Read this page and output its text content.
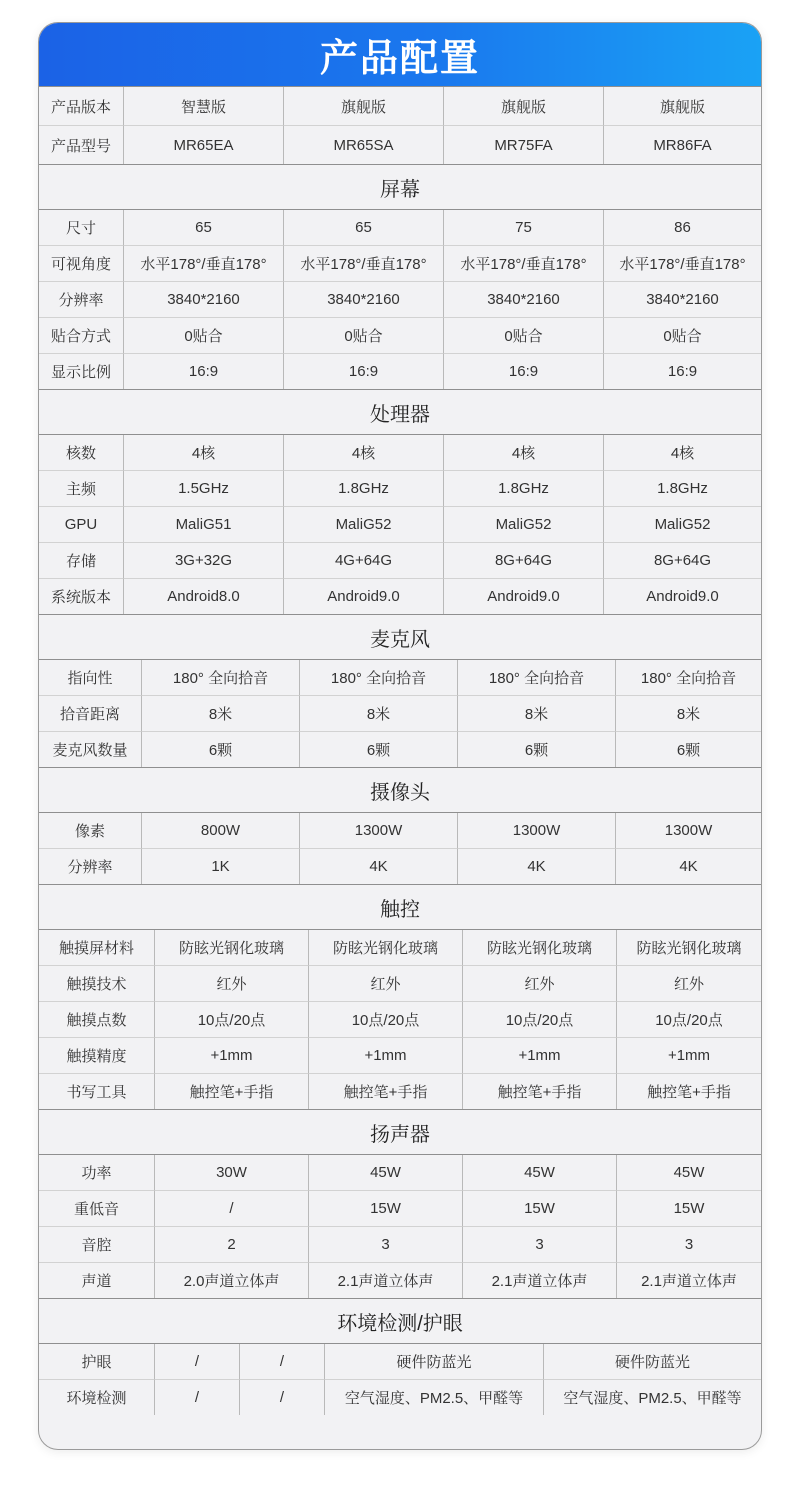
产品配置
产品版本	智慧版	旗舰版	旗舰版	旗舰版
产品型号	MR65EA	MR65SA	MR75FA	MR86FA
屏幕
尺寸	65	65	75	86
可视角度	水平178°/垂直178°	水平178°/垂直178°	水平178°/垂直178°	水平178°/垂直178°
分辨率	3840*2160	3840*2160	3840*2160	3840*2160
贴合方式	0贴合	0贴合	0贴合	0贴合
显示比例	16:9	16:9	16:9	16:9
处理器
核数	4核	4核	4核	4核
主频	1.5GHz	1.8GHz	1.8GHz	1.8GHz
GPU	MaliG51	MaliG52	MaliG52	MaliG52
存储	3G+32G	4G+64G	8G+64G	8G+64G
系统版本	Android8.0	Android9.0	Android9.0	Android9.0
麦克风
指向性	180° 全向拾音	180° 全向拾音	180° 全向拾音	180° 全向拾音
拾音距离	8米	8米	8米	8米
麦克风数量	6颗	6颗	6颗	6颗
摄像头
像素	800W	1300W	1300W	1300W
分辨率	1K	4K	4K	4K
触控
触摸屏材料	防眩光钢化玻璃	防眩光钢化玻璃	防眩光钢化玻璃	防眩光钢化玻璃
触摸技术	红外	红外	红外	红外
触摸点数	10点/20点	10点/20点	10点/20点	10点/20点
触摸精度	+1mm	+1mm	+1mm	+1mm
书写工具	触控笔+手指	触控笔+手指	触控笔+手指	触控笔+手指
扬声器
功率	30W	45W	45W	45W
重低音	/	15W	15W	15W
音腔	2	3	3	3
声道	2.0声道立体声	2.1声道立体声	2.1声道立体声	2.1声道立体声
环境检测/护眼
护眼	/	/	硬件防蓝光	硬件防蓝光
环境检测	/	/	空气湿度、PM2.5、甲醛等	空气湿度、PM2.5、甲醛等
